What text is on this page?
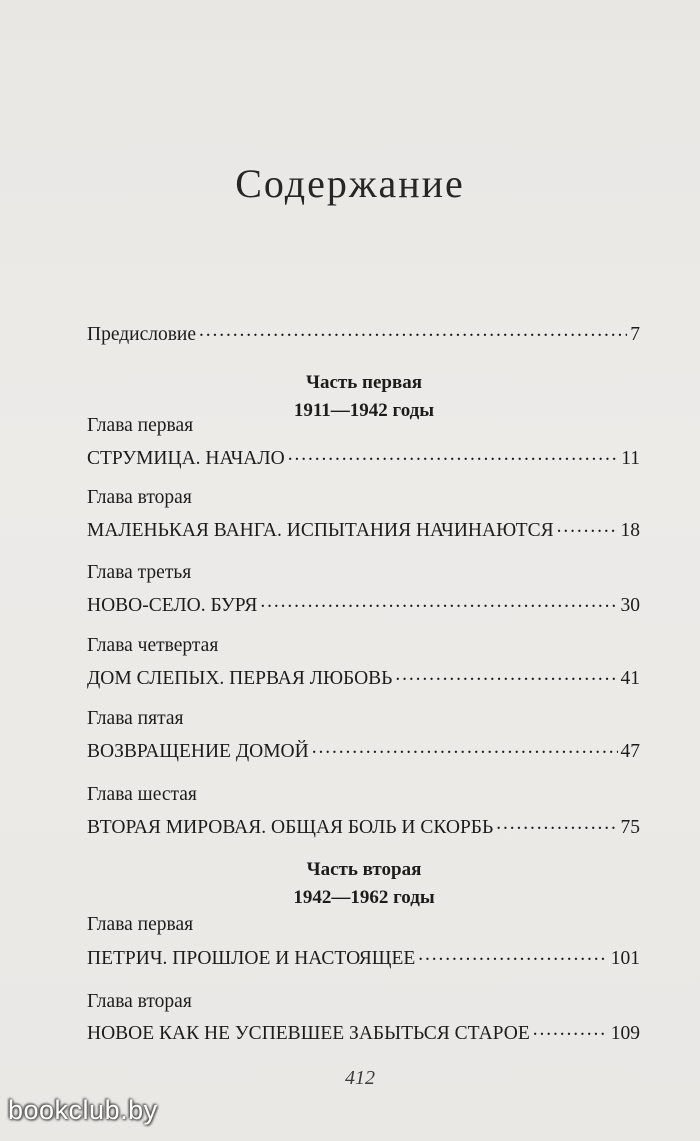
Содержание
Предисловие . . .	7
Часть первая
1911—1942 годы
Глава первая
СТРУМИЦА. НАЧАЛО . . .	11
Глава вторая
МАЛЕНЬКАЯ ВАНГА. ИСПЫТАНИЯ НАЧИНАЮТСЯ . . .	18
Глава третья
НОВО-СЕЛО. БУРЯ . . .	30
Глава четвертая
ДОМ СЛЕПЫХ. ПЕРВАЯ ЛЮБОВЬ . . .	41
Глава пятая
ВОЗВРАЩЕНИЕ ДОМОЙ . . .	47
Глава шестая
ВТОРАЯ МИРОВАЯ. ОБЩАЯ БОЛЬ И СКОРБЬ . . .	75
Часть вторая
1942—1962 годы
Глава первая
ПЕТРИЧ. ПРОШЛОЕ И НАСТОЯЩЕЕ . . .	101
Глава вторая
НОВОЕ КАК НЕ УСПЕВШЕЕ ЗАБЫТЬСЯ СТАРОЕ . . .	109
412
bookclub.by
